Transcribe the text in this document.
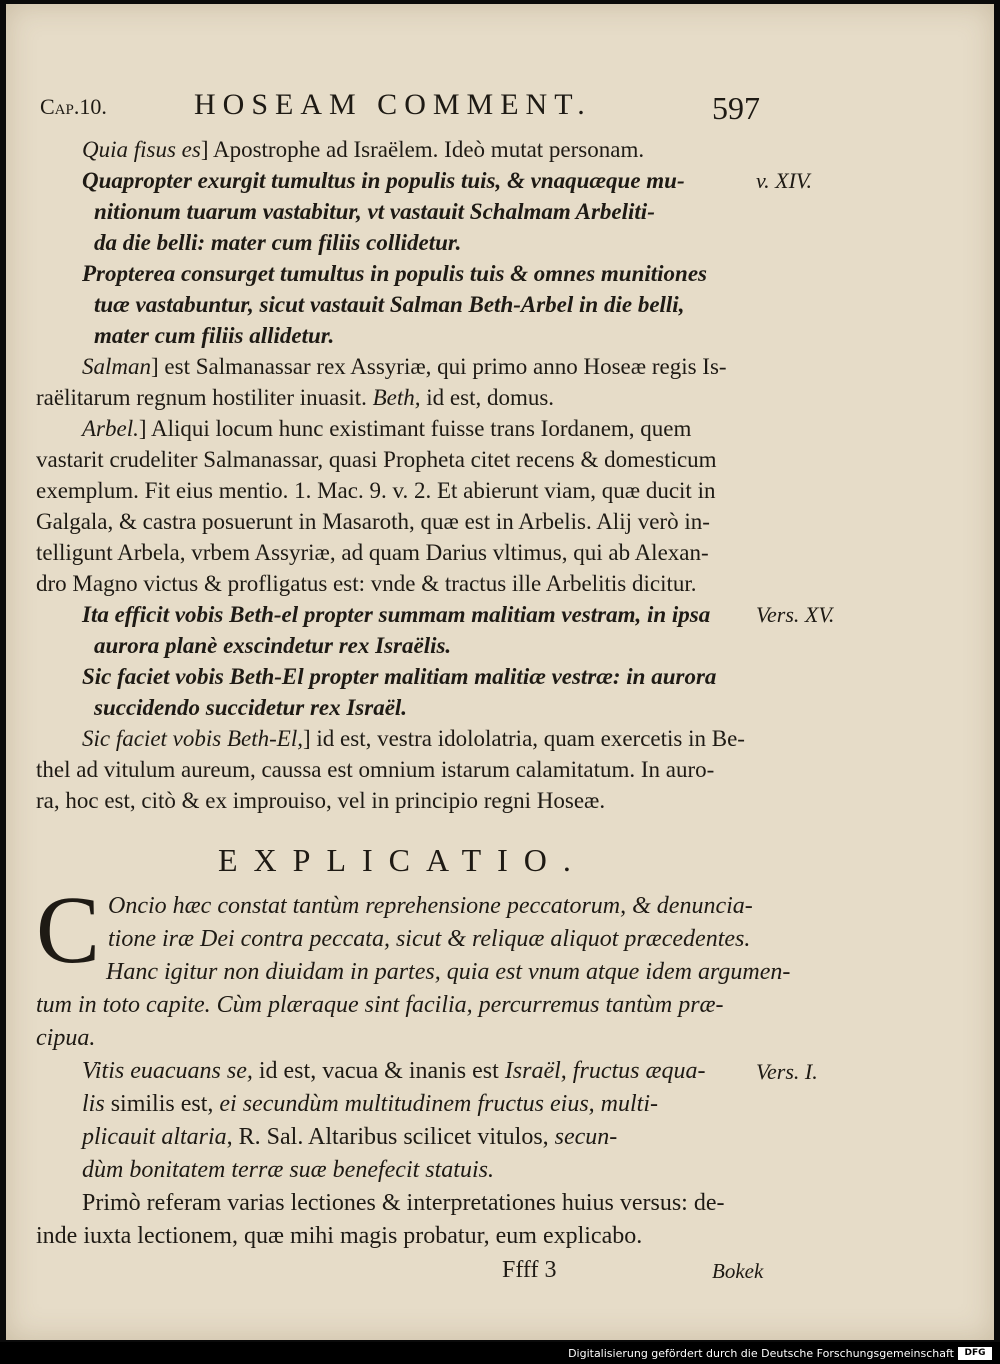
Cap.10.	HOSEAM COMMENT.	597
Quia fisus es] Apostrophe ad Israëlem. Ideò mutat personam.
Quapropter exurgit tumultus in populis tuis, & vnaquæque mu-	v. XIV.
nitionum tuarum vastabitur, vt vastauit Schalmam Arbeliti-
da die belli: mater cum filiis collidetur.
Propterea consurget tumultus in populis tuis & omnes munitiones
tuæ vastabuntur, sicut vastauit Salman Beth-Arbel in die belli,
mater cum filiis allidetur.
Salman] est Salmanassar rex Assyriæ, qui primo anno Hoseæ regis Is-
raëlitarum regnum hostiliter inuasit. Beth, id est, domus.
Arbel.] Aliqui locum hunc existimant fuisse trans Iordanem, quem
vastarit crudeliter Salmanassar, quasi Propheta citet recens & domesticum
exemplum. Fit eius mentio. 1. Mac. 9. v. 2. Et abierunt viam, quæ ducit in
Galgala, & castra posuerunt in Masaroth, quæ est in Arbelis. Alij verò in-
telligunt Arbela, vrbem Assyriæ, ad quam Darius vltimus, qui ab Alexan-
dro Magno victus & profligatus est: vnde & tractus ille Arbelitis dicitur.
Ita efficit vobis Beth-el propter summam malitiam vestram, in ipsa Vers. XV.
aurora planè exscindetur rex Israëlis.
Sic faciet vobis Beth-El propter malitiam malitiæ vestræ: in aurora
succidendo succidetur rex Israël.
Sic faciet vobis Beth-El,] id est, vestra idololatria, quam exercetis in Be-
thel ad vitulum aureum, caussa est omnium istarum calamitatum. In auro-
ra, hoc est, citò & ex improuiso, vel in principio regni Hoseæ.
EXPLICATIO.
C Oncio hæc constat tantùm reprehensione peccatorum, & denuncia-
tione iræ Dei contra peccata, sicut & reliquæ aliquot præcedentes.
Hanc igitur non diuidam in partes, quia est vnum atque idem argumen-
tum in toto capite. Cùm plæraque sint facilia, percurremus tantùm præ-
cipua.
Vitis euacuans se, id est, vacua & inanis est Israël, fructus æqua- Vers. I.
lis similis est, ei secundùm multitudinem fructus eius, multi-
plicauit altaria, R. Sal. Altaribus scilicet vitulos, secun-
dùm bonitatem terræ suæ benefecit statuis.
Primò referam varias lectiones & interpretationes huius versus: de-
inde iuxta lectionem, quæ mihi magis probatur, eum explicabo.
Ffff 3	Bokek
Digitalisierung gefördert durch die Deutsche Forschungsgemeinschaft	DFG
